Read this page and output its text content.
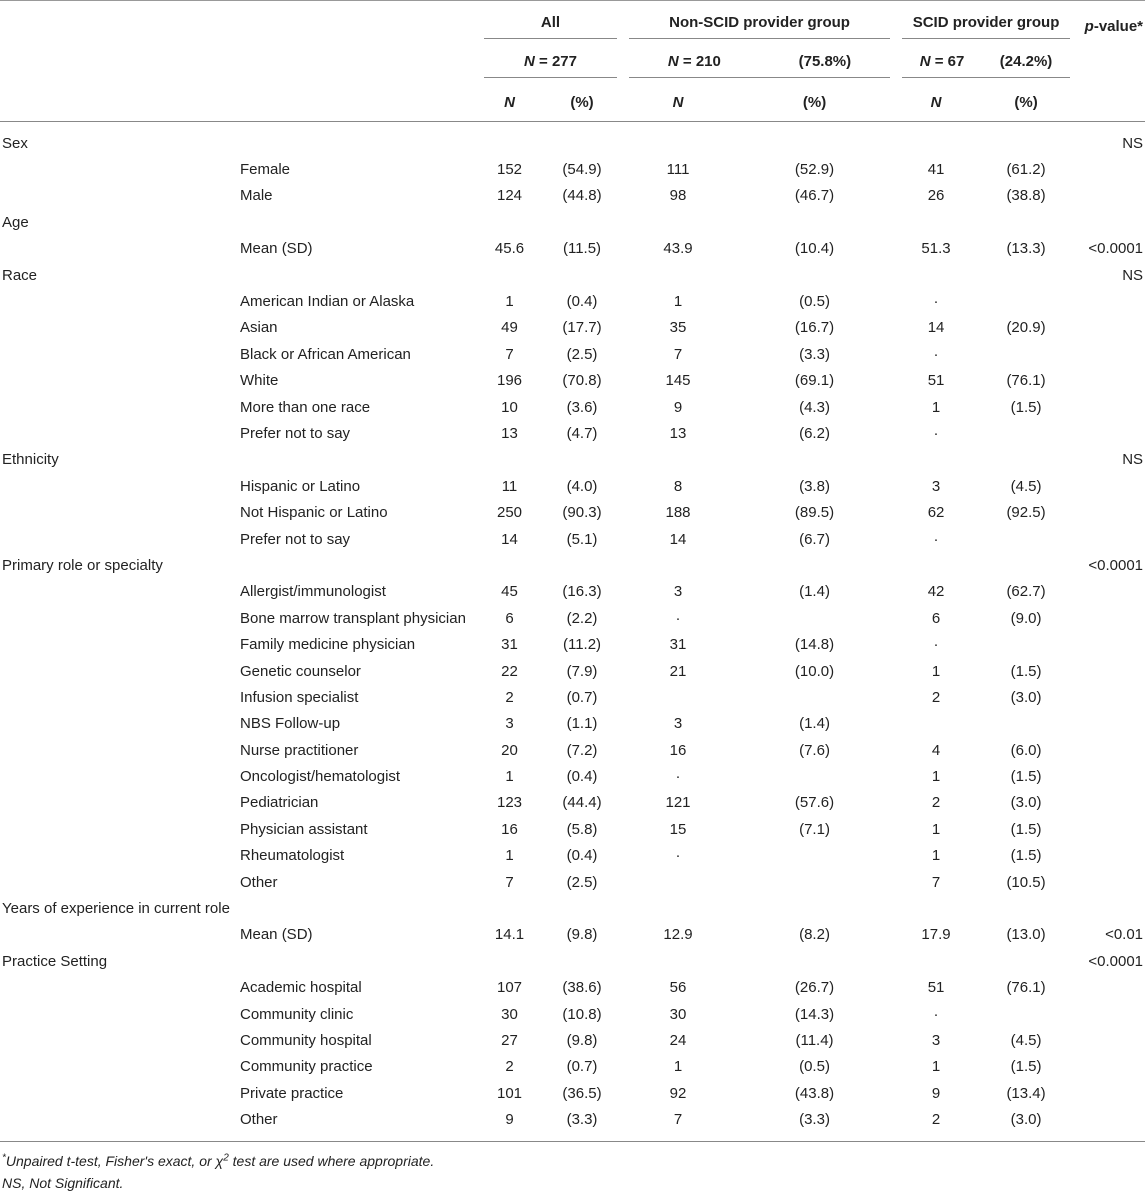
		All		Non-SCID provider group		SCID provider group		p-value*

		N = 277		N = 210 (75.8%)		N = 67 (24.2%)		

		N	(%)	N	(%)	N	(%)	
Sex								NS
	Female	152	(54.9)	111	(52.9)	41	(61.2)	
	Male	124	(44.8)	98	(46.7)	26	(38.8)	
Age								
	Mean (SD)	45.6	(11.5)	43.9	(10.4)	51.3	(13.3)	<0.0001
Race								NS
	American Indian or Alaska	1	(0.4)	1	(0.5)	·		
	Asian	49	(17.7)	35	(16.7)	14	(20.9)	
	Black or African American	7	(2.5)	7	(3.3)	·		
	White	196	(70.8)	145	(69.1)	51	(76.1)	
	More than one race	10	(3.6)	9	(4.3)	1	(1.5)	
	Prefer not to say	13	(4.7)	13	(6.2)	·		
Ethnicity								NS
	Hispanic or Latino	11	(4.0)	8	(3.8)	3	(4.5)	
	Not Hispanic or Latino	250	(90.3)	188	(89.5)	62	(92.5)	
	Prefer not to say	14	(5.1)	14	(6.7)	·		
Primary role or specialty								<0.0001
	Allergist/immunologist	45	(16.3)	3	(1.4)	42	(62.7)	
	Bone marrow transplant physician	6	(2.2)	·		6	(9.0)	
	Family medicine physician	31	(11.2)	31	(14.8)	·		
	Genetic counselor	22	(7.9)	21	(10.0)	1	(1.5)	
	Infusion specialist	2	(0.7)			2	(3.0)	
	NBS Follow-up	3	(1.1)	3	(1.4)			
	Nurse practitioner	20	(7.2)	16	(7.6)	4	(6.0)	
	Oncologist/hematologist	1	(0.4)	·		1	(1.5)	
	Pediatrician	123	(44.4)	121	(57.6)	2	(3.0)	
	Physician assistant	16	(5.8)	15	(7.1)	1	(1.5)	
	Rheumatologist	1	(0.4)	·		1	(1.5)	
	Other	7	(2.5)			7	(10.5)	
Years of experience in current role								
	Mean (SD)	14.1	(9.8)	12.9	(8.2)	17.9	(13.0)	<0.01
Practice Setting								<0.0001
	Academic hospital	107	(38.6)	56	(26.7)	51	(76.1)	
	Community clinic	30	(10.8)	30	(14.3)	·		
	Community hospital	27	(9.8)	24	(11.4)	3	(4.5)	
	Community practice	2	(0.7)	1	(0.5)	1	(1.5)	
	Private practice	101	(36.5)	92	(43.8)	9	(13.4)	
	Other	9	(3.3)	7	(3.3)	2	(3.0)	
*Unpaired t-test, Fisher's exact, or $\chi^2$ test are used where appropriate.
NS, Not Significant.
